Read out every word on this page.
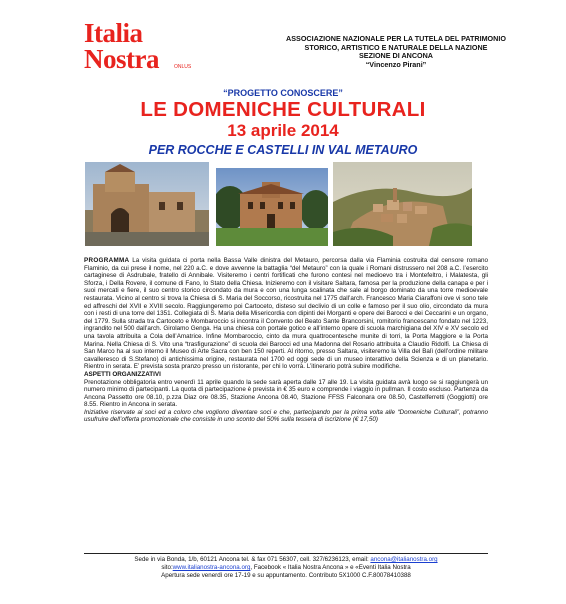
Italia
Nostra	ONLUS
ASSOCIAZIONE NAZIONALE PER LA TUTELA DEL PATRIMONIO
STORICO, ARTISTICO E NATURALE DELLA NAZIONE
SEZIONE DI ANCONA
“Vincenzo Pirani”
“PROGETTO CONOSCERE”
LE DOMENICHE CULTURALI
13 aprile 2014
PER ROCCHE E CASTELLI IN VAL METAURO

PROGRAMMA La visita guidata ci porta nella Bassa Valle dinistra del Metauro, percorsa dalla via Flaminia costruita dal censore romano Flaminio, da cui prese il nome, nel 220 a.C. e dove avvenne la battaglia “del Metauro” con la quale i Romani distrussero nel 208 a.C. l’esercito cartaginese di Asdrubale, fratello di Annibale. Visiteremo i centri fortificati che furono contesi nel medioevo tra i Montefeltro, i Malatesta, gli Sforza, i Della Rovere, il comune di Fano, lo Stato della Chiesa. Inizieremo con il visitare Saltara, famosa per la produzione della canapa e per i suoi mercati e fiere, il suo centro storico circondato da mura e con una lunga scalinata che sale al borgo dominato da una torre medioevale restaurata. Vicino al centro si trova la Chiesa di S. Maria del Soccorso, ricostruita nel 1775 dall’arch. Francesco Maria Ciaraffoni ove vi sono tele ed affreschi del XVII e XVIII secolo. Raggiungeremo poi Cartoceto, disteso sul declivio di un colle e famoso per il suo olio, circondato da mura con i resti di una torre del 1351. Collegiata di S. Maria della Misericordia con dipinti dei Morganti e opere dei Barocci e dei Ceccarini e un organo, del 1779. Sulla strada tra Cartoceto e Mombaroccio si incontra il Convento del Beato Sante Brancorsini, romitorio francescano fondato nel 1223, ingrandito nel 500 dall’arch. Girolamo Genga. Ha una chiesa con portale gotico e all’interno opere di scuola marchigiana del XIV e XV secolo ed una tavola attribuita a Cola dell’Amatrice. Infine Mombaroccio, cinto da mura quattrocentesche munite di torri, la Porta Maggiore e la Porta Marina. Nella Chiesa di S. Vito una “trasfigurazione” di scuola dei Barocci ed una Madonna del Rosario attribuita a Claudio Ridolfi. La Chiesa di San Marco ha al suo interno il Museo di Arte Sacra con ben 150 reperti. Al ritorno, presso Saltara, visiteremo la Villa del Balì (dell’ordine militare cavalleresco di S.Stefano) di antichissima origine, restaurata nel 1700 ed oggi sede di un museo interattivo della Scienza e di un planetario. Rientro in serata. E’ prevista sosta pranzo presso un ristorante, per chi lo vorrà. L’itinerario potrà subire modifiche.

ASPETTI ORGANIZZATIVI

Prenotazione obbligatoria entro venerdì 11 aprile quando la sede sarà aperta dalle 17 alle 19. La visita guidata avrà luogo se si raggiungerà un numero minimo di partecipanti. La quota di partecipazione è prevista in € 35 euro e comprende i viaggio in pullman. Il costo escluso. Partenza da Ancona Passetto ore 08.10, p.zza Diaz ore 08.35, Stazione Ancona 08.40, Stazione FFSS Falconara ore 08.50, Castelferretti (Goggiotti) ore 8.55. Rientro in Ancona in serata.

Iniziative riservate ai soci ed a coloro che vogliono diventare soci e che, partecipando per la prima volta alle “Domeniche Culturali”, potranno usufruire dell’offerta promozionale che consiste in uno sconto del 50% sulla tessera di iscrizione (€ 17,50)

Sede in via Bonda, 1/b, 60121 Ancona tel. & fax 071 56307, cell. 327/6236123, email: ancona@italianostra.org
sito:www.italianostra-ancona.org, Facebook « Italia Nostra Ancona » e «Eventi Italia Nostra
Apertura sede venerdì ore 17-19 e su appuntamento. Contributo 5X1000 C.F.80078410388
